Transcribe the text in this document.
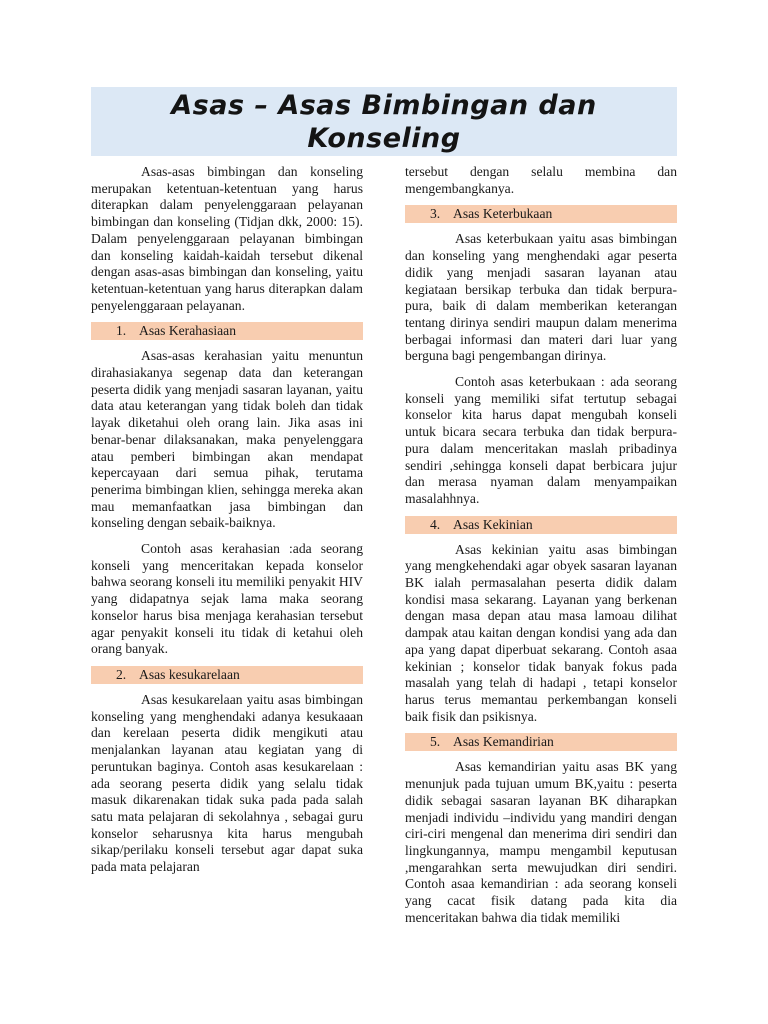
Asas – Asas Bimbingan dan Konseling

Asas-asas bimbingan dan konseling merupakan ketentuan-ketentuan yang harus diterapkan dalam penyelenggaraan pelayanan bimbingan dan konseling (Tidjan dkk, 2000: 15). Dalam penyelenggaraan pelayanan bimbingan dan konseling kaidah-kaidah tersebut dikenal dengan asas-asas bimbingan dan konseling, yaitu ketentuan-ketentuan yang harus diterapkan dalam penyelenggaraan pelayanan.

1. Asas Kerahasiaan

Asas-asas kerahasian yaitu menuntun dirahasiakanya segenap data dan keterangan peserta didik yang menjadi sasaran layanan, yaitu data atau keterangan yang tidak boleh dan tidak layak diketahui oleh orang lain. Jika asas ini benar-benar dilaksanakan, maka penyelenggara atau pemberi bimbingan akan mendapat kepercayaan dari semua pihak, terutama penerima bimbingan klien, sehingga mereka akan mau memanfaatkan jasa bimbingan dan konseling dengan sebaik-baiknya.

Contoh asas kerahasian :ada seorang konseli yang menceritakan kepada konselor bahwa seorang konseli itu memiliki penyakit HIV yang didapatnya sejak lama maka seorang konselor harus bisa menjaga kerahasian tersebut agar penyakit konseli itu tidak di ketahui oleh orang banyak.

2. Asas kesukarelaan

Asas kesukarelaan yaitu asas bimbingan konseling yang menghendaki adanya kesukaaan dan kerelaan peserta didik mengikuti atau menjalankan layanan atau kegiatan yang di peruntukan baginya. Contoh asas kesukarelaan : ada seorang peserta didik yang selalu tidak masuk dikarenakan tidak suka pada pada salah satu mata pelajaran di sekolahnya , sebagai guru konselor seharusnya kita harus mengubah sikap/perilaku konseli tersebut agar dapat suka pada mata pelajaran

tersebut dengan selalu membina dan mengembangkanya.

3. Asas Keterbukaan

Asas keterbukaan yaitu asas bimbingan dan konseling yang menghendaki agar peserta didik yang menjadi sasaran layanan atau kegiataan bersikap terbuka dan tidak berpura-pura, baik di dalam memberikan keterangan tentang dirinya sendiri maupun dalam menerima berbagai informasi dan materi dari luar yang berguna bagi pengembangan dirinya.

Contoh asas keterbukaan : ada seorang konseli yang memiliki sifat tertutup sebagai konselor kita harus dapat mengubah konseli untuk bicara secara terbuka dan tidak berpura-pura dalam menceritakan maslah pribadinya sendiri ,sehingga konseli dapat berbicara jujur dan merasa nyaman dalam menyampaikan masalahhnya.

4. Asas Kekinian

Asas kekinian yaitu asas bimbingan yang mengkehendaki agar obyek sasaran layanan BK ialah permasalahan peserta didik dalam kondisi masa sekarang. Layanan yang berkenan dengan masa depan atau masa lamoau dilihat dampak atau kaitan dengan kondisi yang ada dan apa yang dapat diperbuat sekarang. Contoh asaa kekinian ; konselor tidak banyak fokus pada masalah yang telah di hadapi , tetapi konselor harus terus memantau perkembangan konseli baik fisik dan psikisnya.

5. Asas Kemandirian

Asas kemandirian yaitu asas BK yang menunjuk pada tujuan umum BK,yaitu : peserta didik sebagai sasaran layanan BK diharapkan menjadi individu –individu yang mandiri dengan ciri-ciri mengenal dan menerima diri sendiri dan lingkungannya, mampu mengambil keputusan ,mengarahkan serta mewujudkan diri sendiri. Contoh asaa kemandirian : ada seorang konseli yang cacat fisik datang pada kita dia menceritakan bahwa dia tidak memiliki
